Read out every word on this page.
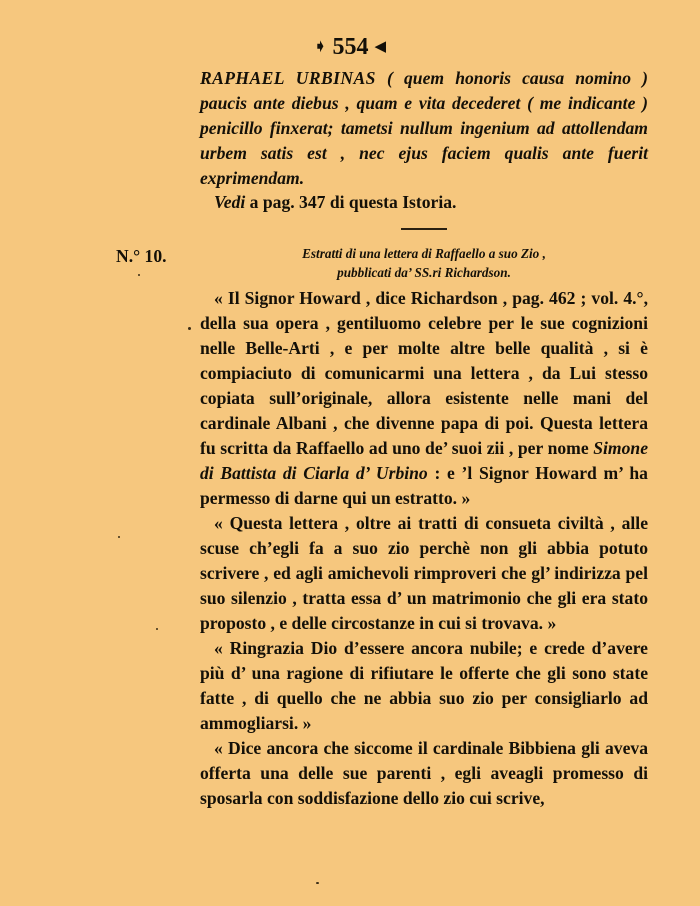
➧ 554 ◀

RAPHAEL URBINAS ( quem honoris causa nomino ) paucis ante diebus , quam e vita decederet ( me indicante ) penicillo finxerat; tametsi nullum ingenium ad attollendam urbem satis est , nec ejus faciem qualis ante fuerit exprimendam.

Vedi a pag. 347 di questa Istoria.
N.° 10.	Estratti di una lettera di Raffaello a suo Zio ,
pubblicati da’ SS.ri Richardson.

« Il Signor Howard , dice Richardson , pag. 462 ; vol. 4.°, della sua opera , gentiluomo celebre per le sue cognizioni nelle Belle-Arti , e per molte altre belle qualità , si è compiaciuto di comunicarmi una lettera , da Lui stesso copiata sull’originale, allora esistente nelle mani del cardinale Albani , che divenne papa di poi. Questa lettera fu scritta da Raffaello ad uno de’ suoi zii , per nome Simone di Battista di Ciarla d’ Urbino : e ’l Signor Howard m’ ha permesso di darne qui un estratto. »

« Questa lettera , oltre ai tratti di consueta civiltà , alle scuse ch’egli fa a suo zio perchè non gli abbia potuto scrivere , ed agli amichevoli rimproveri che gl’ indirizza pel suo silenzio , tratta essa d’ un matrimonio che gli era stato proposto , e delle circostanze in cui si trovava. »

« Ringrazia Dio d’essere ancora nubile; e crede d’avere più d’ una ragione di rifiutare le offerte che gli sono state fatte , di quello che ne abbia suo zio per consigliarlo ad ammogliarsi. »

« Dice ancora che siccome il cardinale Bibbiena gli aveva offerta una delle sue parenti , egli aveagli promesso di sposarla con soddisfazione dello zio cui scrive,
